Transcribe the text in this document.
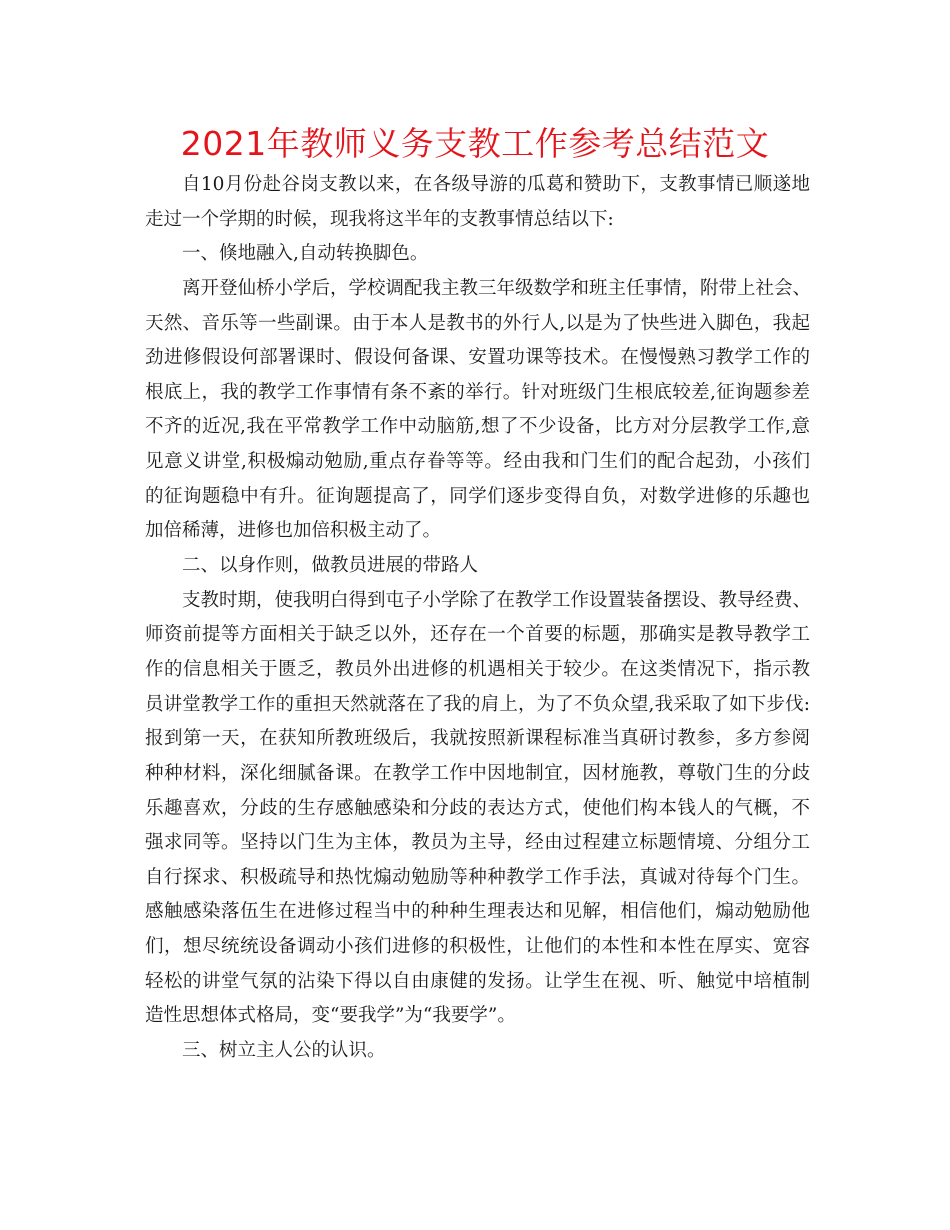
2021年教师义务支教工作参考总结范文
自10月份赴谷岗支教以来，在各级导游的瓜葛和赞助下，支教事情已顺遂地
走过一个学期的时候，现我将这半年的支教事情总结以下:
一、倏地融入,自动转换脚色。
离开登仙桥小学后，学校调配我主教三年级数学和班主任事情，附带上社会、
天然、音乐等一些副课。由于本人是教书的外行人,以是为了快些进入脚色，我起
劲进修假设何部署课时、假设何备课、安置功课等技术。在慢慢熟习教学工作的
根底上，我的教学工作事情有条不紊的举行。针对班级门生根底较差,征询题参差
不齐的近况,我在平常教学工作中动脑筋,想了不少设备，比方对分层教学工作,意
见意义讲堂,积极煽动勉励,重点存眷等等。经由我和门生们的配合起劲，小孩们
的征询题稳中有升。征询题提高了，同学们逐步变得自负，对数学进修的乐趣也
加倍稀薄，进修也加倍积极主动了。
二、以身作则，做教员进展的带路人
支教时期，使我明白得到屯子小学除了在教学工作设置装备摆设、教导经费、
师资前提等方面相关于缺乏以外，还存在一个首要的标题，那确实是教导教学工
作的信息相关于匮乏，教员外出进修的机遇相关于较少。在这类情况下，指示教
员讲堂教学工作的重担天然就落在了我的肩上，为了不负众望,我采取了如下步伐:
报到第一天，在获知所教班级后，我就按照新课程标准当真研讨教参，多方参阅
种种材料，深化细腻备课。在教学工作中因地制宜，因材施教，尊敬门生的分歧
乐趣喜欢，分歧的生存感触感染和分歧的表达方式，使他们构本钱人的气概，不
强求同等。坚持以门生为主体，教员为主导，经由过程建立标题情境、分组分工
自行探求、积极疏导和热忱煽动勉励等种种教学工作手法，真诚对待每个门生。
感触感染落伍生在进修过程当中的种种生理表达和见解，相信他们，煽动勉励他
们，想尽统统设备调动小孩们进修的积极性，让他们的本性和本性在厚实、宽容
轻松的讲堂气氛的沾染下得以自由康健的发扬。让学生在视、听、触觉中培植制
造性思想体式格局，变“要我学”为“我要学”。
三、树立主人公的认识。
